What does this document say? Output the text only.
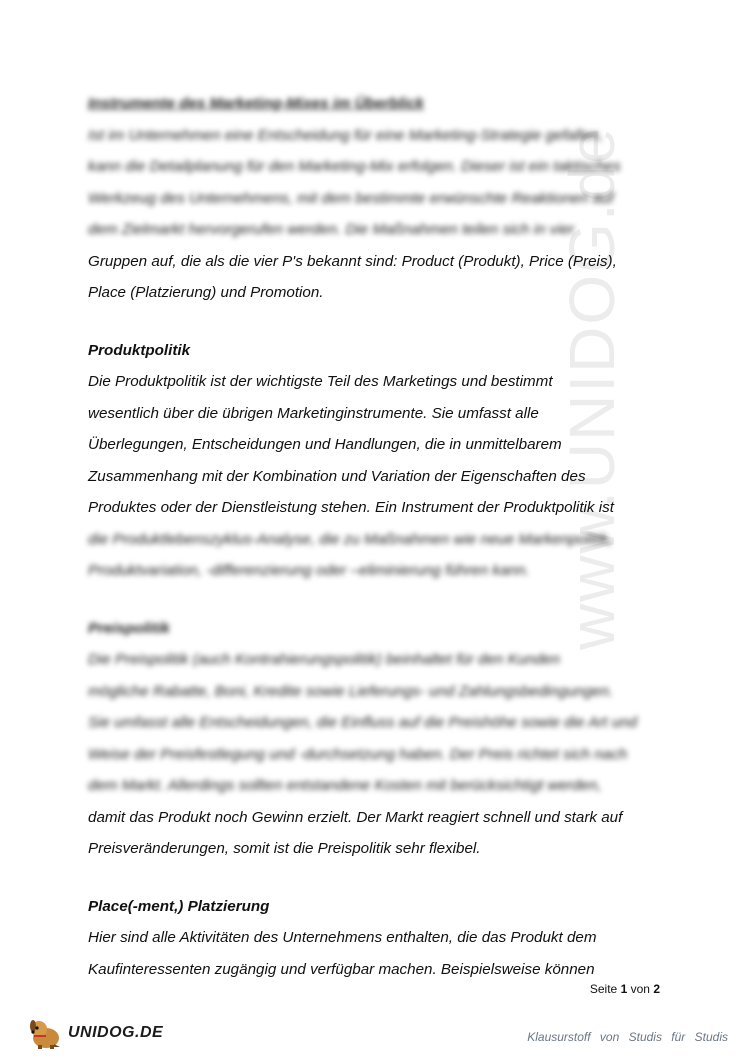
www.UNIDOG.de
Instrumente des Marketing-Mixes im Überblick
Ist im Unternehmen eine Entscheidung für eine Marketing-Strategie gefallen,
kann die Detailplanung für den Marketing-Mix erfolgen. Dieser ist ein taktisches
Werkzeug des Unternehmens, mit dem bestimmte erwünschte Reaktionen auf
dem Zielmarkt hervorgerufen werden. Die Maßnahmen teilen sich in vier
Gruppen auf, die als die vier P's bekannt sind: Product (Produkt), Price (Preis),
Place (Platzierung) und Promotion.
Produktpolitik
Die Produktpolitik ist der wichtigste Teil des Marketings und bestimmt
wesentlich über die übrigen Marketinginstrumente. Sie umfasst alle
Überlegungen, Entscheidungen und Handlungen, die in unmittelbarem
Zusammenhang mit der Kombination und Variation der Eigenschaften des
Produktes oder der Dienstleistung stehen. Ein Instrument der Produktpolitik ist
die Produktlebenszyklus-Analyse, die zu Maßnahmen wie neue Markenpolitik,
Produktvariation, -differenzierung oder –eliminierung führen kann.
Preispolitik
Die Preispolitik (auch Kontrahierungspolitik) beinhaltet für den Kunden
mögliche Rabatte, Boni, Kredite sowie Lieferungs- und Zahlungsbedingungen.
Sie umfasst alle Entscheidungen, die Einfluss auf die Preishöhe sowie die Art und
Weise der Preisfestlegung und -durchsetzung haben. Der Preis richtet sich nach
dem Markt. Allerdings sollten entstandene Kosten mit berücksichtigt werden,
damit das Produkt noch Gewinn erzielt. Der Markt reagiert schnell und stark auf
Preisveränderungen, somit ist die Preispolitik sehr flexibel.
Place(-ment,) Platzierung
Hier sind alle Aktivitäten des Unternehmens enthalten, die das Produkt dem
Kaufinteressenten zugängig und verfügbar machen. Beispielsweise können
Seite 1 von 2
UNIDOG.DE	Klausurstoff von Studis für Studis
